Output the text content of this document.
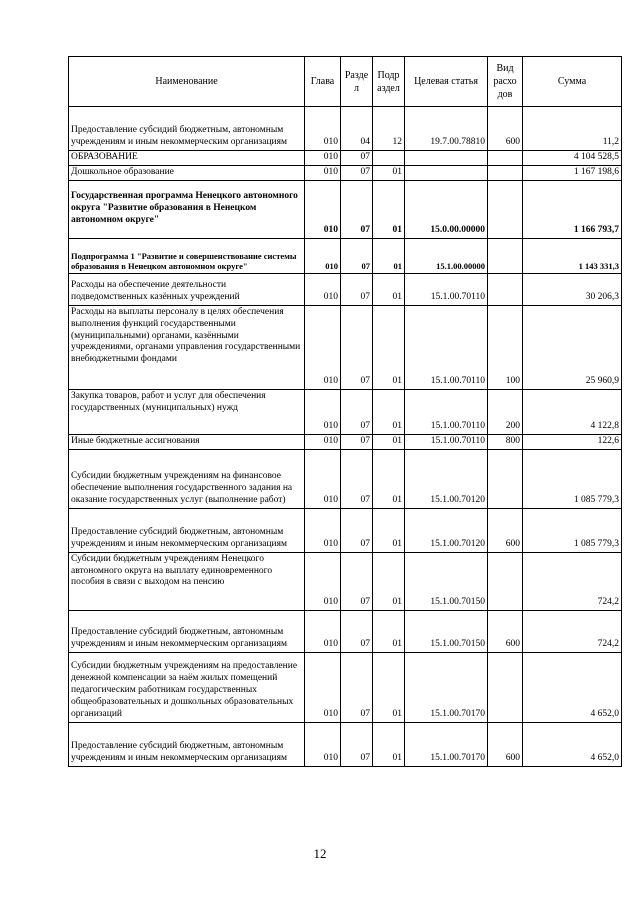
Наименование	Глава	Разде л	Подр аздел	Целевая статья	Вид расхо дов	Сумма
Предоставление субсидий бюджетным, автономным учреждениям и иным некоммерческим организациям	010	04	12	19.7.00.78810	600	11,2
ОБРАЗОВАНИЕ	010	07				4 104 528,5
Дошкольное образование	010	07	01			1 167 198,6
Государственная программа Ненецкого автономного округа "Развитие образования в Ненецком автономном округе"	010	07	01	15.0.00.00000		1 166 793,7
Подпрограмма 1 "Развитие и совершенствование системы образования в Ненецком автономном округе"	010	07	01	15.1.00.00000		1 143 331,3
Расходы на обеспечение деятельности подведомственных казённых учреждений	010	07	01	15.1.00.70110		30 206,3
Расходы на выплаты персоналу в целях обеспечения выполнения функций государственными (муниципальными) органами, казёнными учреждениями, органами управления государственными внебюджетными фондами	010	07	01	15.1.00.70110	100	25 960,9
Закупка товаров, работ и услуг для обеспечения государственных (муниципальных) нужд	010	07	01	15.1.00.70110	200	4 122,8
Иные бюджетные ассигнования	010	07	01	15.1.00.70110	800	122,6
Субсидии бюджетным учреждениям на финансовое обеспечение выполнения государственного задания на оказание государственных услуг (выполнение работ)	010	07	01	15.1.00.70120		1 085 779,3
Предоставление субсидий бюджетным, автономным учреждениям и иным некоммерческим организациям	010	07	01	15.1.00.70120	600	1 085 779,3
Субсидии бюджетным учреждениям Ненецкого автономного округа на выплату единовременного пособия в связи с выходом на пенсию	010	07	01	15.1.00.70150		724,2
Предоставление субсидий бюджетным, автономным учреждениям и иным некоммерческим организациям	010	07	01	15.1.00.70150	600	724,2
Субсидии бюджетным учреждениям на предоставление денежной компенсации за наём жилых помещений педагогическим работникам государственных общеобразовательных и дошкольных образовательных организаций	010	07	01	15.1.00.70170		4 652,0
Предоставление субсидий бюджетным, автономным учреждениям и иным некоммерческим организациям	010	07	01	15.1.00.70170	600	4 652,0
12
